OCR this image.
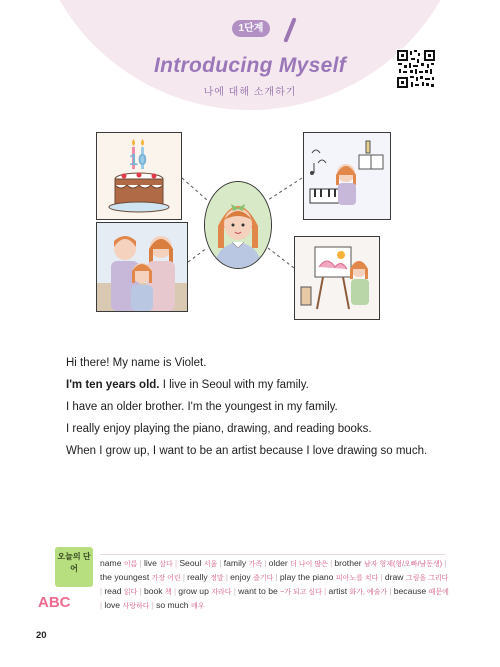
1단계
Introducing Myself
나에 대해 소개하기
10

Hi there! My name is Violet.

I'm ten years old. I live in Seoul with my family.

I have an older brother. I'm the youngest in my family.

I really enjoy playing the piano, drawing, and reading books.

When I grow up, I want to be an artist because I love drawing so much.

오늘의 단어
ABC
name 이름 | live 살다 | Seoul 서울 | family 가족 | older 더 나이 많은 | brother 남자 형제(형/오빠/남동생) | the youngest 가장 어린 | really 정말 | enjoy 즐기다 | play the piano 피아노를 치다 | draw 그림을 그리다 | read 읽다 | book 책 | grow up 자라다 | want to be ~가 되고 싶다 | artist 화가, 예술가 | because 때문에 | love 사랑하다 | so much 매우
20
